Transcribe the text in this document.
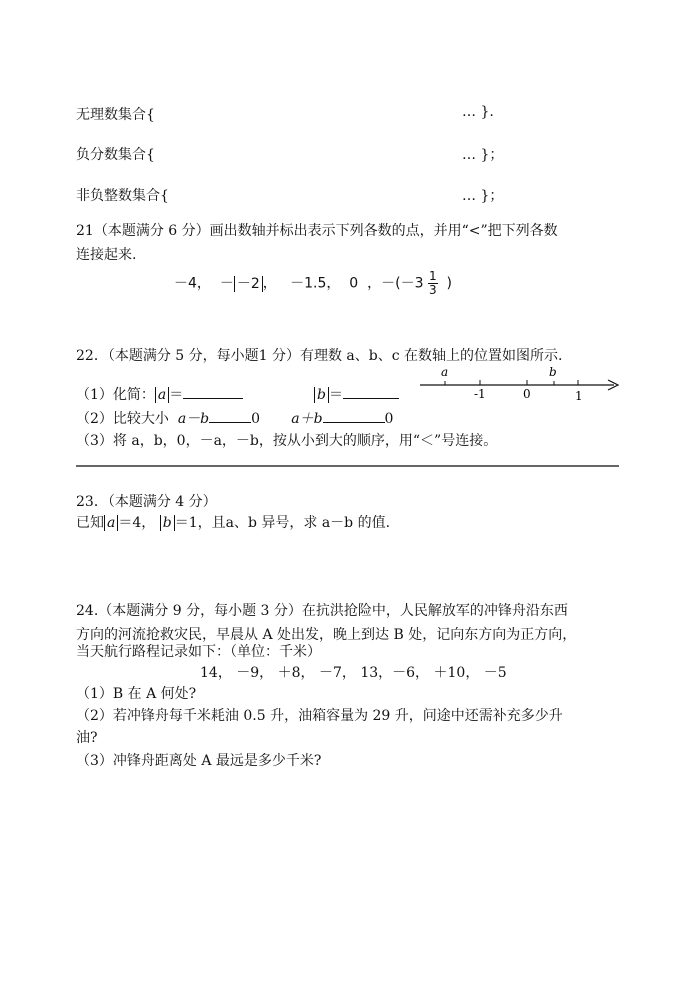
无理数集合{	… }.
负分数集合{	… }；
非负整数集合{	… }；
21（本题满分 6 分）画出数轴并标出表示下列各数的点，并用“<”把下列各数
连接起来.
－4， － －2 ， －1.5， 0 ，$-(-3 \frac{1}{3}$ )
22．（本题满分 5 分，每小题1 分）有理数 a、b、c 在数轴上的位置如图所示.
（1）化简： a ＝	b ＝
（2）比较大小 a－b	0 a＋b	0
（3）将 a，b，0，－a，－b，按从小到大的顺序，用“＜”号连接。
a	b
-1	0	1
23．（本题满分 4 分）
已知 a ＝4， b ＝1，且a、b 异号，求 a－b 的值.
24.（本题满分 9 分，每小题 3 分）在抗洪抢险中，人民解放军的冲锋舟沿东西
方向的河流抢救灾民，早晨从 A 处出发，晚上到达 B 处，记向东方向为正方向，
当天航行路程记录如下：（单位：千米）
14， －9， ＋8， －7， 13，－6， ＋10， －5
（1）B 在 A 何处?
（2）若冲锋舟每千米耗油 0.5 升，油箱容量为 29 升，问途中还需补充多少升
油?
（3）冲锋舟距离处 A 最远是多少千米?
